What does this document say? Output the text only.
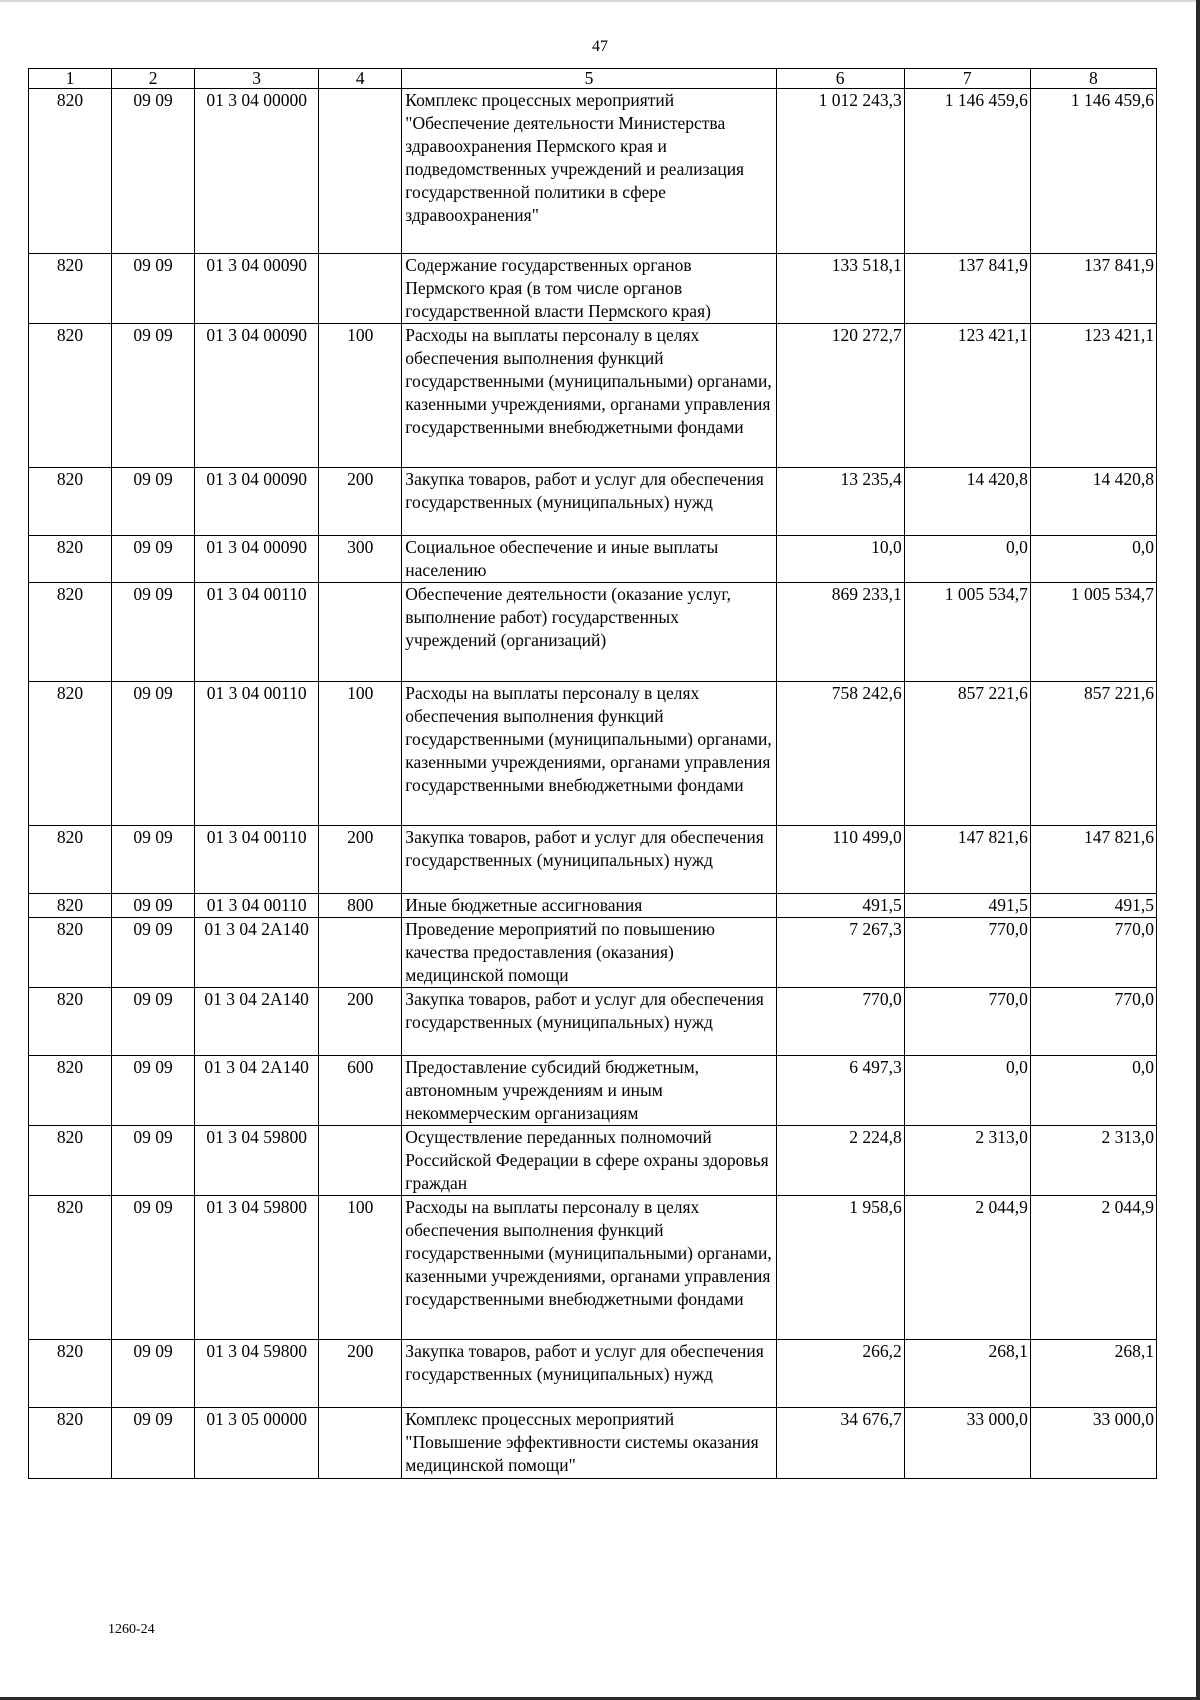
47
1	2	3	4	5	6	7	8
820	09 09	01 3 04 00000		Комплекс процессных мероприятий "Обеспечение деятельности Министерства здравоохранения Пермского края и подведомственных учреждений и реализация государственной политики в сфере здравоохранения"	1 012 243,3	1 146 459,6	1 146 459,6
820	09 09	01 3 04 00090		Содержание государственных органов Пермского края (в том числе органов государственной власти Пермского края)	133 518,1	137 841,9	137 841,9
820	09 09	01 3 04 00090	100	Расходы на выплаты персоналу в целях обеспечения выполнения функций государственными (муниципальными) органами, казенными учреждениями, органами управления государственными внебюджетными фондами	120 272,7	123 421,1	123 421,1
820	09 09	01 3 04 00090	200	Закупка товаров, работ и услуг для обеспечения государственных (муниципальных) нужд	13 235,4	14 420,8	14 420,8
820	09 09	01 3 04 00090	300	Социальное обеспечение и иные выплаты населению	10,0	0,0	0,0
820	09 09	01 3 04 00110		Обеспечение деятельности (оказание услуг, выполнение работ) государственных учреждений (организаций)	869 233,1	1 005 534,7	1 005 534,7
820	09 09	01 3 04 00110	100	Расходы на выплаты персоналу в целях обеспечения выполнения функций государственными (муниципальными) органами, казенными учреждениями, органами управления государственными внебюджетными фондами	758 242,6	857 221,6	857 221,6
820	09 09	01 3 04 00110	200	Закупка товаров, работ и услуг для обеспечения государственных (муниципальных) нужд	110 499,0	147 821,6	147 821,6
820	09 09	01 3 04 00110	800	Иные бюджетные ассигнования	491,5	491,5	491,5
820	09 09	01 3 04 2А140		Проведение мероприятий по повышению качества предоставления (оказания) медицинской помощи	7 267,3	770,0	770,0
820	09 09	01 3 04 2А140	200	Закупка товаров, работ и услуг для обеспечения государственных (муниципальных) нужд	770,0	770,0	770,0
820	09 09	01 3 04 2А140	600	Предоставление субсидий бюджетным, автономным учреждениям и иным некоммерческим организациям	6 497,3	0,0	0,0
820	09 09	01 3 04 59800		Осуществление переданных полномочий Российской Федерации в сфере охраны здоровья граждан	2 224,8	2 313,0	2 313,0
820	09 09	01 3 04 59800	100	Расходы на выплаты персоналу в целях обеспечения выполнения функций государственными (муниципальными) органами, казенными учреждениями, органами управления государственными внебюджетными фондами	1 958,6	2 044,9	2 044,9
820	09 09	01 3 04 59800	200	Закупка товаров, работ и услуг для обеспечения государственных (муниципальных) нужд	266,2	268,1	268,1
820	09 09	01 3 05 00000		Комплекс процессных мероприятий "Повышение эффективности системы оказания медицинской помощи"	34 676,7	33 000,0	33 000,0
1260-24
